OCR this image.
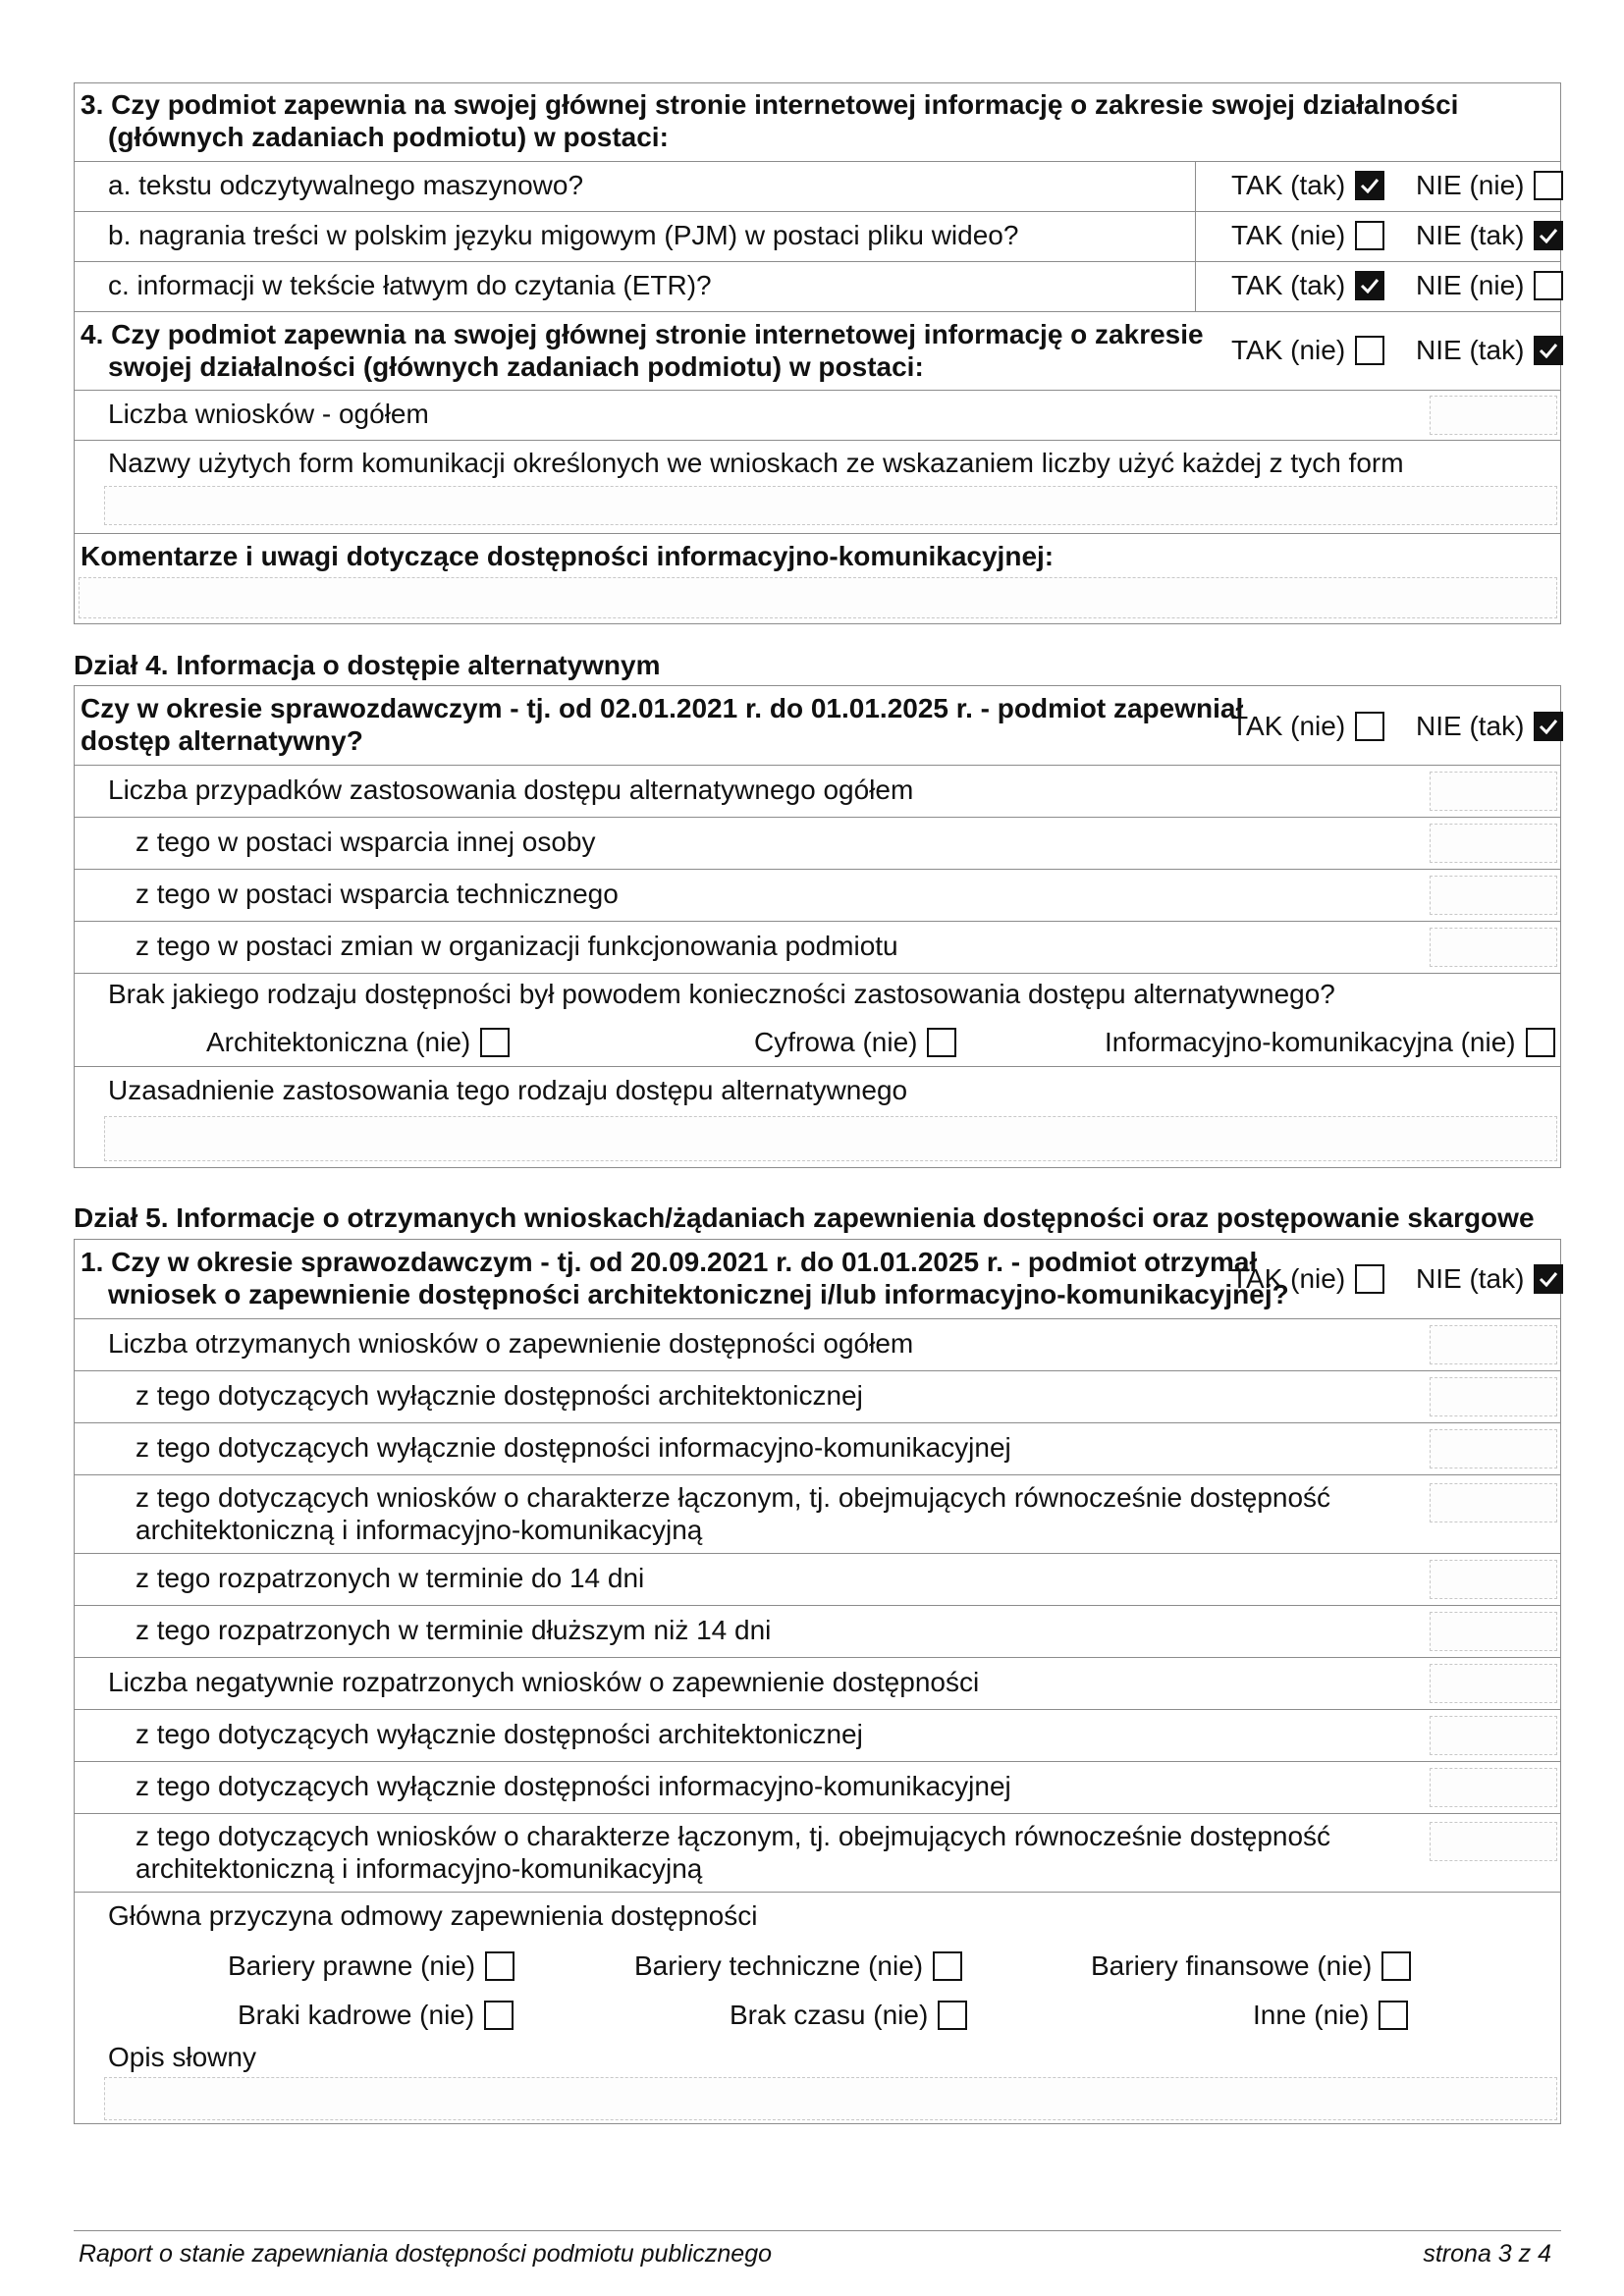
3. Czy podmiot zapewnia na swojej głównej stronie internetowej informację o zakresie swojej działalności
(głównych zadaniach podmiotu) w postaci:
a. tekstu odczytywalnego maszynowo?	TAK (tak)	NIE (nie)
b. nagrania treści w polskim języku migowym (PJM) w postaci pliku wideo?	TAK (nie)	NIE (tak)
c. informacji w tekście łatwym do czytania (ETR)?	TAK (tak)	NIE (nie)
4. Czy podmiot zapewnia na swojej głównej stronie internetowej informację o zakresie
swojej działalności (głównych zadaniach podmiotu) w postaci:
TAK (nie)	NIE (tak)
Liczba wniosków - ogółem
Nazwy użytych form komunikacji określonych we wnioskach ze wskazaniem liczby użyć każdej z tych form
Komentarze i uwagi dotyczące dostępności informacyjno-komunikacyjnej:
Dział 4. Informacja o dostępie alternatywnym
Czy w okresie sprawozdawczym - tj. od 02.01.2021 r. do 01.01.2025 r. - podmiot zapewniał
dostęp alternatywny?	TAK (nie)	NIE (tak)
Liczba przypadków zastosowania dostępu alternatywnego ogółem
z tego w postaci wsparcia innej osoby
z tego w postaci wsparcia technicznego
z tego w postaci zmian w organizacji funkcjonowania podmiotu
Brak jakiego rodzaju dostępności był powodem konieczności zastosowania dostępu alternatywnego?
Architektoniczna (nie)	Cyfrowa (nie)	Informacyjno-komunikacyjna (nie)
Uzasadnienie zastosowania tego rodzaju dostępu alternatywnego
Dział 5. Informacje o otrzymanych wnioskach/żądaniach zapewnienia dostępności oraz postępowanie skargowe
1. Czy w okresie sprawozdawczym - tj. od 20.09.2021 r. do 01.01.2025 r. - podmiot otrzymał
wniosek o zapewnienie dostępności architektonicznej i/lub informacyjno-komunikacyjnej?
TAK (nie)	NIE (tak)
Liczba otrzymanych wniosków o zapewnienie dostępności ogółem
z tego dotyczących wyłącznie dostępności architektonicznej
z tego dotyczących wyłącznie dostępności informacyjno-komunikacyjnej
z tego dotyczących wniosków o charakterze łączonym, tj. obejmujących równocześnie dostępność
architektoniczną i informacyjno-komunikacyjną
z tego rozpatrzonych w terminie do 14 dni
z tego rozpatrzonych w terminie dłuższym niż 14 dni
Liczba negatywnie rozpatrzonych wniosków o zapewnienie dostępności
z tego dotyczących wyłącznie dostępności architektonicznej
z tego dotyczących wyłącznie dostępności informacyjno-komunikacyjnej
z tego dotyczących wniosków o charakterze łączonym, tj. obejmujących równocześnie dostępność
architektoniczną i informacyjno-komunikacyjną
Główna przyczyna odmowy zapewnienia dostępności
Bariery prawne (nie)	Bariery techniczne (nie)	Bariery finansowe (nie)
Braki kadrowe (nie)	Brak czasu (nie)	Inne (nie)
Opis słowny
Raport o stanie zapewniania dostępności podmiotu publicznego	strona 3 z 4
